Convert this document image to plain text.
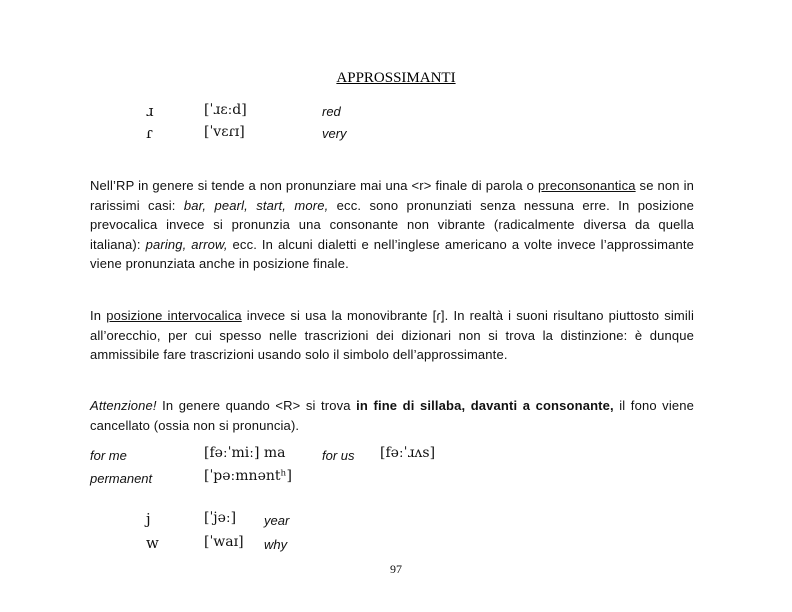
APPROSSIMANTI
ɹ	[ˈɹɛːd]	red
ɾ	[ˈvɛɾɪ]	very
Nell’RP in genere si tende a non pronunziare mai una <r> finale di parola o preconsonantica se non in rarissimi casi: bar, pearl, start, more, ecc. sono pronunziati senza nessuna erre. In posizione prevocalica invece si pronunzia una consonante non vibrante (radicalmente diversa da quella italiana): paring, arrow, ecc. In alcuni dialetti e nell’inglese americano a volte invece l’approssimante viene pronunziata anche in posizione finale.
In posizione intervocalica invece si usa la monovibrante [ɾ]. In realtà i suoni risultano piuttosto simili all’orecchio, per cui spesso nelle trascrizioni dei dizionari non si trova la distinzione: è dunque ammissibile fare trascrizioni usando solo il simbolo dell’approssimante.
Attenzione! In genere quando <R> si trova in fine di sillaba, davanti a consonante, il fono viene cancellato (ossia non si pronuncia).
for me	[fəːˈmiː] ma	for us [fəːˈɹʌs]
permanent	[ˈpəːmnəntʰ]
j	[ˈjəː] year
w	[ˈwaɪ] why
97
